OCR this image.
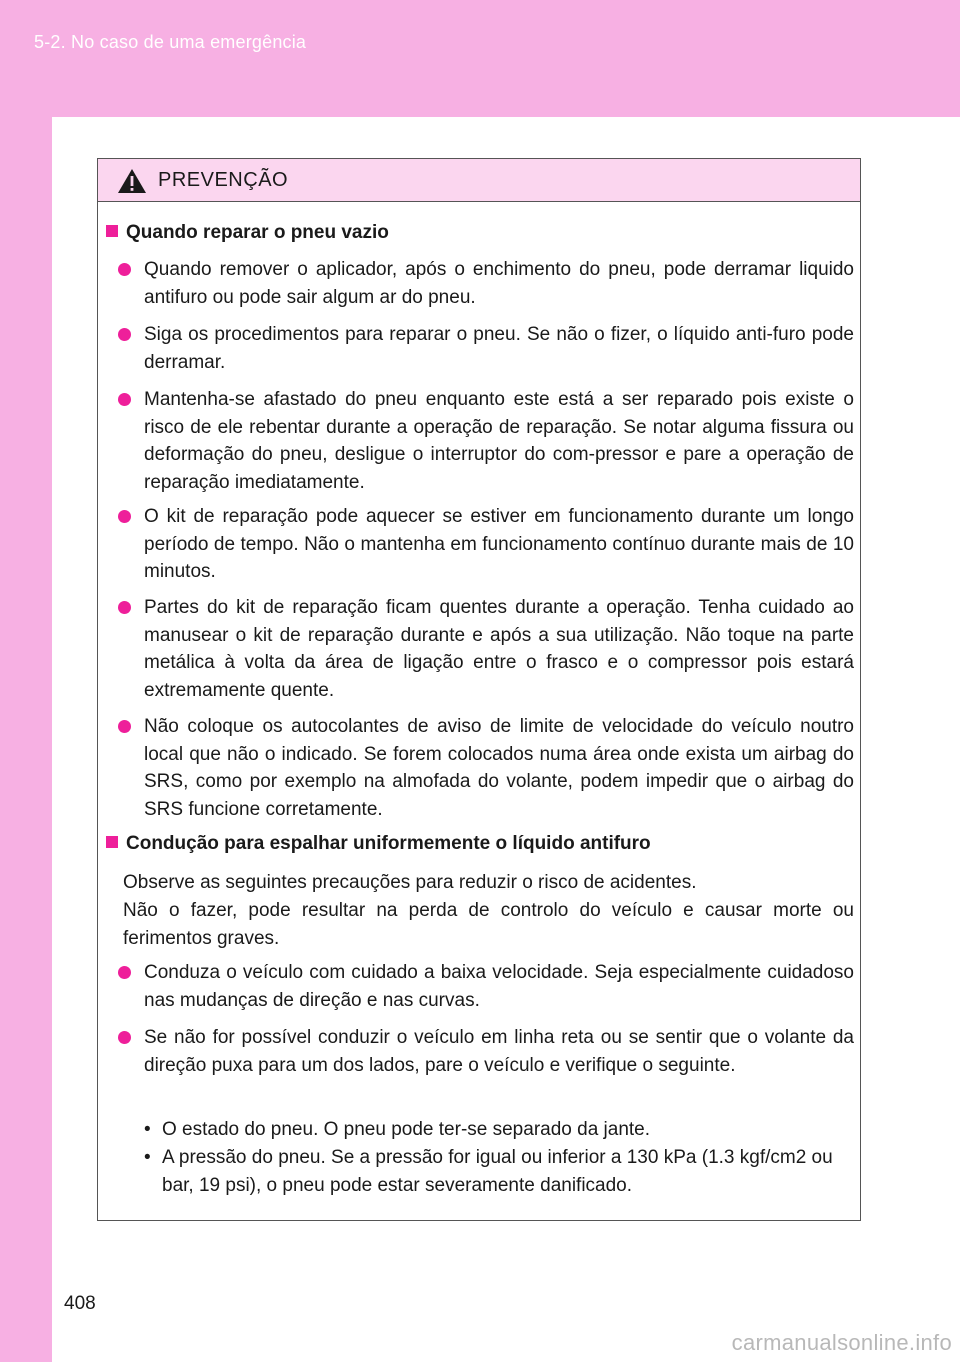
5-2. No caso de uma emergência
PREVENÇÃO
Quando reparar o pneu vazio
Quando remover o aplicador, após o enchimento do pneu, pode derramar liquido antifuro ou pode sair algum ar do pneu.
Siga os procedimentos para reparar o pneu. Se não o fizer, o líquido anti-furo pode derramar.
Mantenha-se afastado do pneu enquanto este está a ser reparado pois existe o risco de ele rebentar durante a operação de reparação. Se notar alguma fissura ou deformação do pneu, desligue o interruptor do com-pressor e pare a operação de reparação imediatamente.
O kit de reparação pode aquecer se estiver em funcionamento durante um longo período de tempo. Não o mantenha em funcionamento contínuo durante mais de 10 minutos.
Partes do kit de reparação ficam quentes durante a operação. Tenha cuidado ao manusear o kit de reparação durante e após a sua utilização. Não toque na parte metálica à volta da área de ligação entre o frasco e o compressor pois estará extremamente quente.
Não coloque os autocolantes de aviso de limite de velocidade do veículo noutro local que não o indicado. Se forem colocados numa área onde exista um airbag do SRS, como por exemplo na almofada do volante, podem impedir que o airbag do SRS funcione corretamente.
Condução para espalhar uniformemente o líquido antifuro
Observe as seguintes precauções para reduzir o risco de acidentes.
Não o fazer, pode resultar na perda de controlo do veículo e causar morte ou ferimentos graves.
Conduza o veículo com cuidado a baixa velocidade. Seja especialmente cuidadoso nas mudanças de direção e nas curvas.
Se não for possível conduzir o veículo em linha reta ou se sentir que o volante da direção puxa para um dos lados, pare o veículo e verifique o seguinte.
• O estado do pneu. O pneu pode ter-se separado da jante.
• A pressão do pneu. Se a pressão for igual ou inferior a 130 kPa (1.3 kgf/cm2 ou bar, 19 psi), o pneu pode estar severamente danificado.
408
carmanualsonline.info
